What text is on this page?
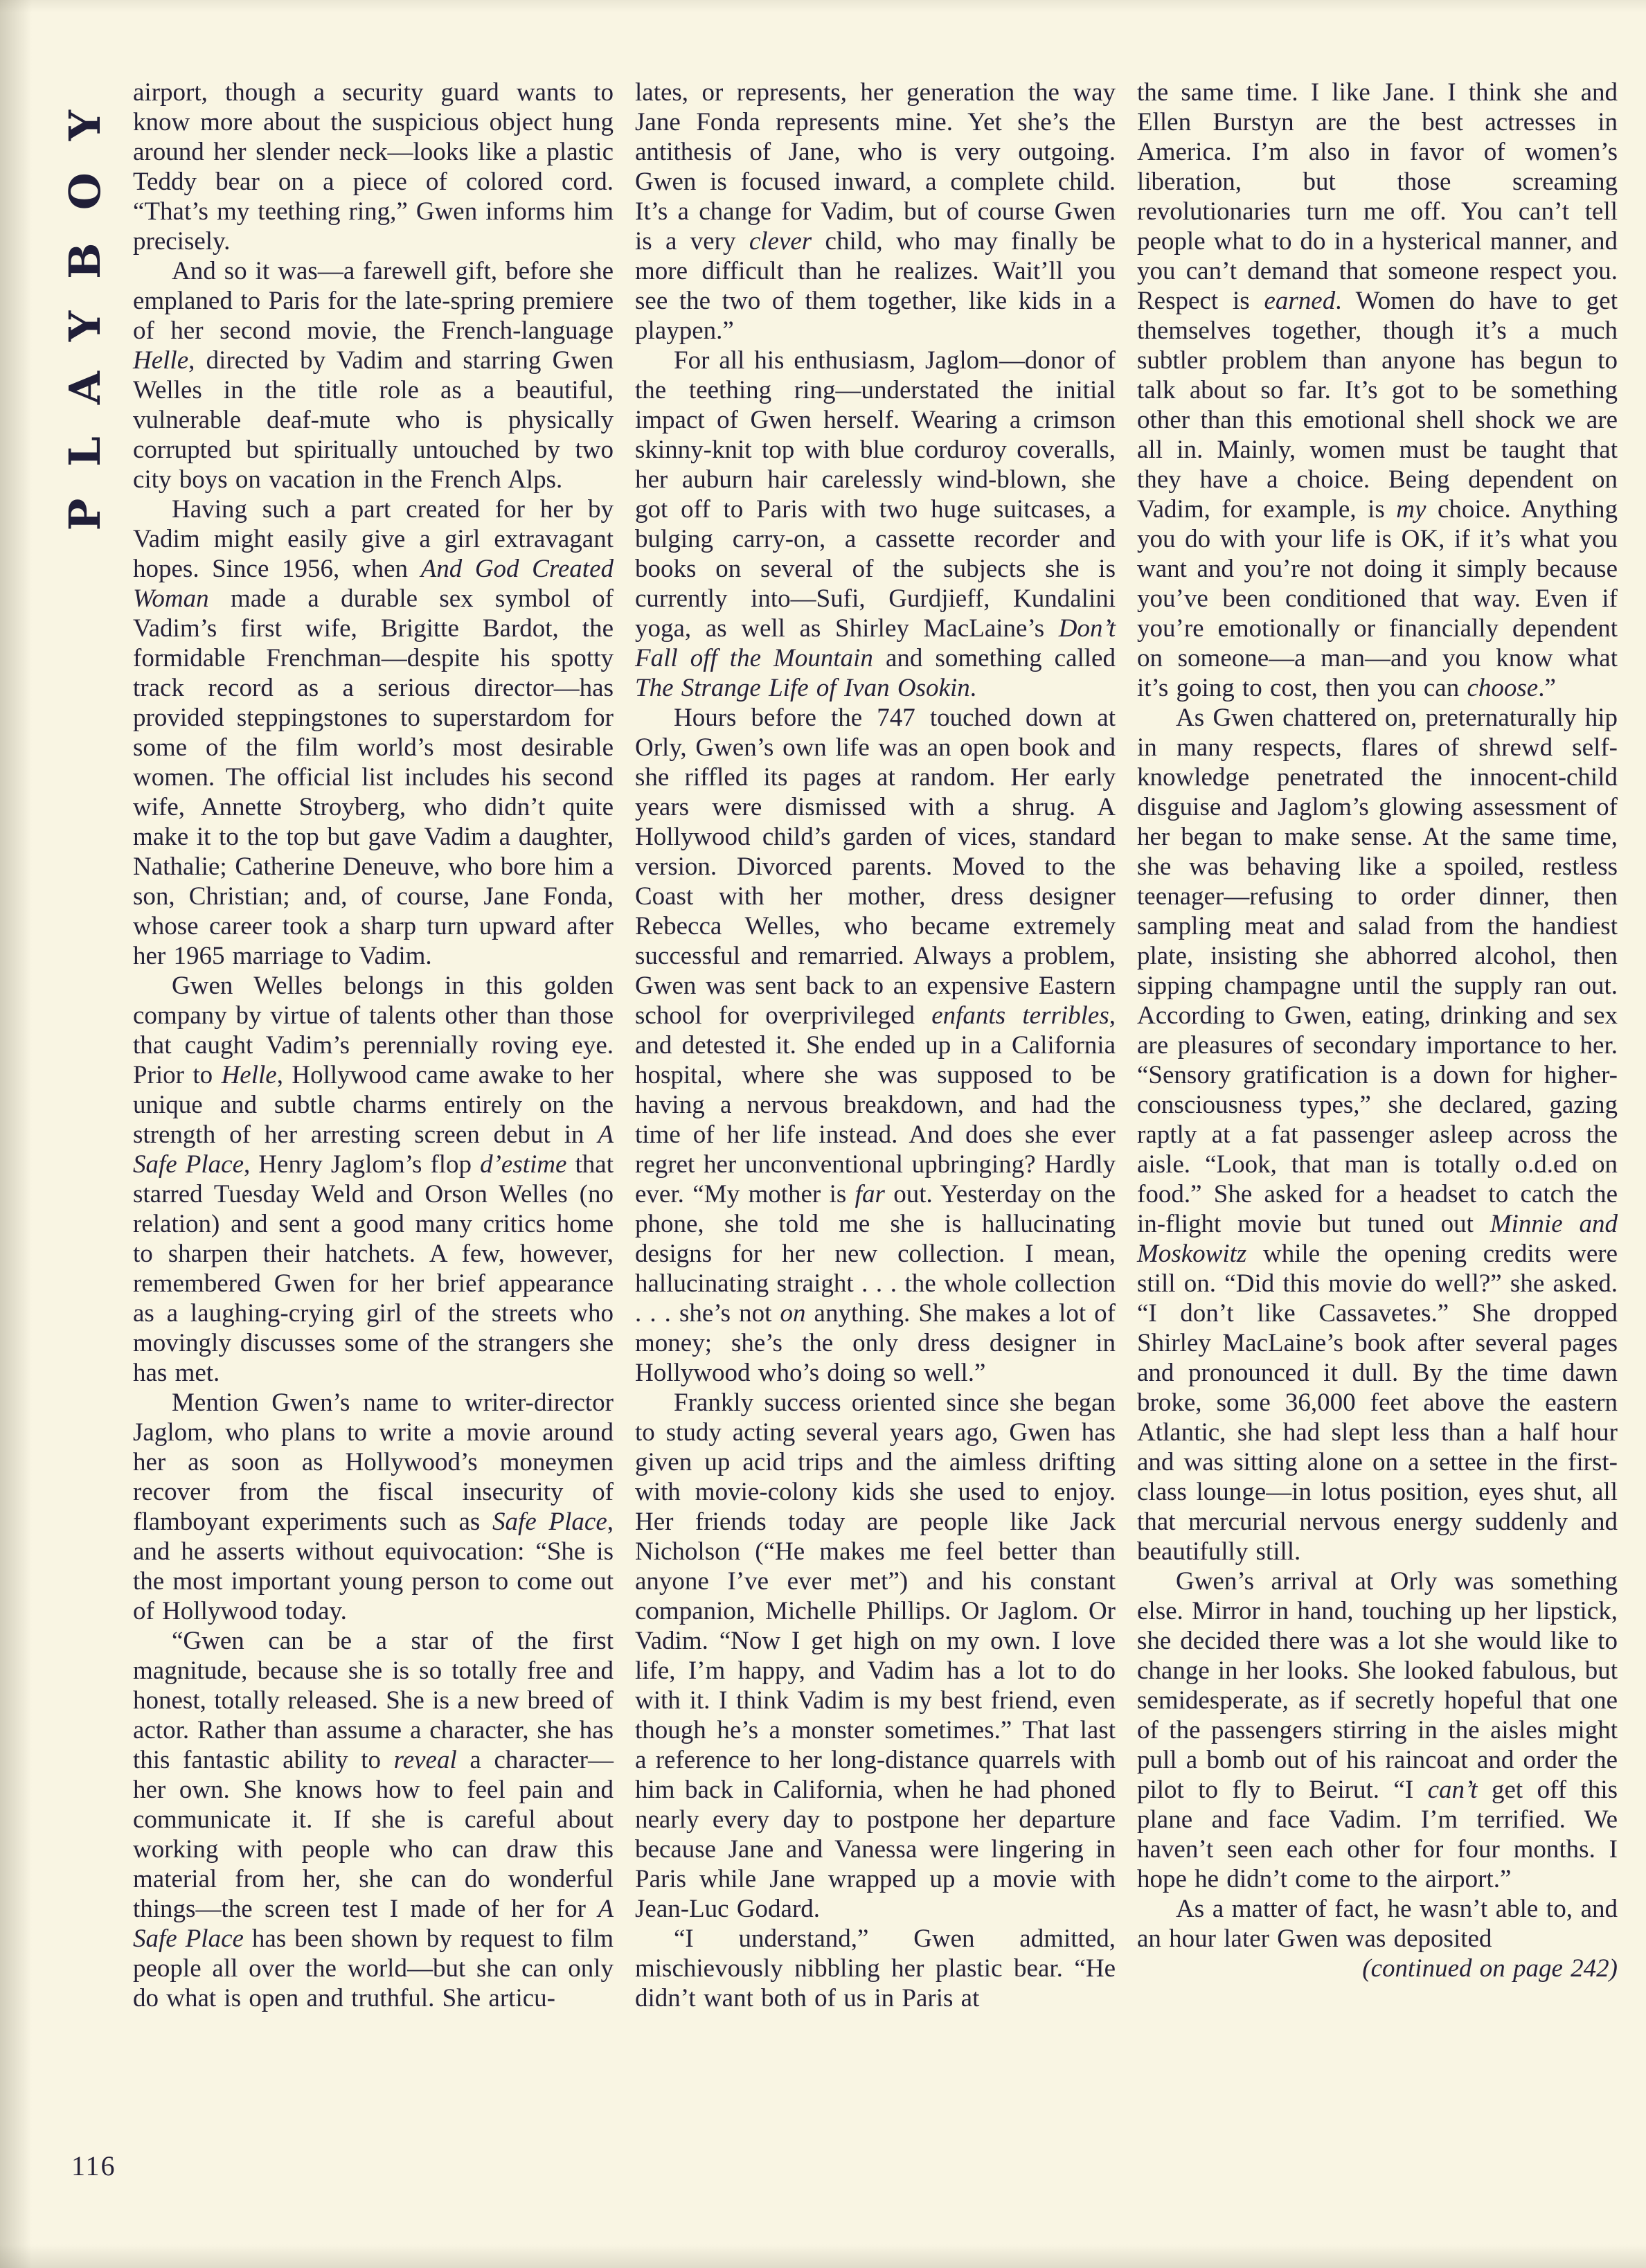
PLAYBOY airport, though a security guard wants to know more about the suspicious object hung around her slender neck—looks like a plastic Teddy bear on a piece of colored cord. “That’s my teething ring,” Gwen informs him precisely.

And so it was—a farewell gift, before she emplaned to Paris for the late-spring premiere of her second movie, the French-language Helle, directed by Vadim and starring Gwen Welles in the title role as a beautiful, vulnerable deaf-mute who is physically corrupted but spiritually untouched by two city boys on vacation in the French Alps.

Having such a part created for her by Vadim might easily give a girl extravagant hopes. Since 1956, when And God Created Woman made a durable sex symbol of Vadim’s first wife, Brigitte Bardot, the formidable Frenchman—despite his spotty track record as a serious director—has provided steppingstones to superstardom for some of the film world’s most desirable women. The official list includes his second wife, Annette Stroyberg, who didn’t quite make it to the top but gave Vadim a daughter, Nathalie; Catherine Deneuve, who bore him a son, Christian; and, of course, Jane Fonda, whose career took a sharp turn upward after her 1965 marriage to Vadim.

Gwen Welles belongs in this golden company by virtue of talents other than those that caught Vadim’s perennially roving eye. Prior to Helle, Hollywood came awake to her unique and subtle charms entirely on the strength of her arresting screen debut in A Safe Place, Henry Jaglom’s flop d’estime that starred Tuesday Weld and Orson Welles (no relation) and sent a good many critics home to sharpen their hatchets. A few, however, remembered Gwen for her brief appearance as a laughing-crying girl of the streets who movingly discusses some of the strangers she has met.

Mention Gwen’s name to writer-director Jaglom, who plans to write a movie around her as soon as Hollywood’s moneymen recover from the fiscal insecurity of flamboyant experiments such as Safe Place, and he asserts without equivocation: “She is the most important young person to come out of Hollywood today.

“Gwen can be a star of the first magnitude, because she is so totally free and honest, totally released. She is a new breed of actor. Rather than assume a character, she has this fantastic ability to reveal a character—her own. She knows how to feel pain and communicate it. If she is careful about working with people who can draw this material from her, she can do wonderful things—the screen test I made of her for A Safe Place has been shown by request to film people all over the world—but she can only do what is open and truthful. She articu-

lates, or represents, her generation the way Jane Fonda represents mine. Yet she’s the antithesis of Jane, who is very outgoing. Gwen is focused inward, a complete child. It’s a change for Vadim, but of course Gwen is a very clever child, who may finally be more difficult than he realizes. Wait’ll you see the two of them together, like kids in a playpen.”

For all his enthusiasm, Jaglom—donor of the teething ring—understated the initial impact of Gwen herself. Wearing a crimson skinny-knit top with blue corduroy coveralls, her auburn hair carelessly wind-blown, she got off to Paris with two huge suitcases, a bulging carry-on, a cassette recorder and books on several of the subjects she is currently into—Sufi, Gurdjieff, Kundalini yoga, as well as Shirley MacLaine’s Don’t Fall off the Mountain and something called The Strange Life of Ivan Osokin.

Hours before the 747 touched down at Orly, Gwen’s own life was an open book and she riffled its pages at random. Her early years were dismissed with a shrug. A Hollywood child’s garden of vices, standard version. Divorced parents. Moved to the Coast with her mother, dress designer Rebecca Welles, who became extremely successful and remarried. Always a problem, Gwen was sent back to an expensive Eastern school for overprivileged enfants terribles, and detested it. She ended up in a California hospital, where she was supposed to be having a nervous breakdown, and had the time of her life instead. And does she ever regret her unconventional upbringing? Hardly ever. “My mother is far out. Yesterday on the phone, she told me she is hallucinating designs for her new collection. I mean, hallucinating straight . . . the whole collection . . . she’s not on anything. She makes a lot of money; she’s the only dress designer in Hollywood who’s doing so well.”

Frankly success oriented since she began to study acting several years ago, Gwen has given up acid trips and the aimless drifting with movie-colony kids she used to enjoy. Her friends today are people like Jack Nicholson (“He makes me feel better than anyone I’ve ever met”) and his constant companion, Michelle Phillips. Or Jaglom. Or Vadim. “Now I get high on my own. I love life, I’m happy, and Vadim has a lot to do with it. I think Vadim is my best friend, even though he’s a monster sometimes.” That last a reference to her long-distance quarrels with him back in California, when he had phoned nearly every day to postpone her departure because Jane and Vanessa were lingering in Paris while Jane wrapped up a movie with Jean-Luc Godard.

“I understand,” Gwen admitted, mischievously nibbling her plastic bear. “He didn’t want both of us in Paris at

the same time. I like Jane. I think she and Ellen Burstyn are the best actresses in America. I’m also in favor of women’s liberation, but those screaming revolutionaries turn me off. You can’t tell people what to do in a hysterical manner, and you can’t demand that someone respect you. Respect is earned. Women do have to get themselves together, though it’s a much subtler problem than anyone has begun to talk about so far. It’s got to be something other than this emotional shell shock we are all in. Mainly, women must be taught that they have a choice. Being dependent on Vadim, for example, is my choice. Anything you do with your life is OK, if it’s what you want and you’re not doing it simply because you’ve been conditioned that way. Even if you’re emotionally or financially dependent on someone—a man—and you know what it’s going to cost, then you can choose.”

As Gwen chattered on, preternaturally hip in many respects, flares of shrewd self-knowledge penetrated the innocent-child disguise and Jaglom’s glowing assessment of her began to make sense. At the same time, she was behaving like a spoiled, restless teenager—refusing to order dinner, then sampling meat and salad from the handiest plate, insisting she abhorred alcohol, then sipping champagne until the supply ran out. According to Gwen, eating, drinking and sex are pleasures of secondary importance to her. “Sensory gratification is a down for higher-consciousness types,” she declared, gazing raptly at a fat passenger asleep across the aisle. “Look, that man is totally o.d.ed on food.” She asked for a headset to catch the in-flight movie but tuned out Minnie and Moskowitz while the opening credits were still on. “Did this movie do well?” she asked. “I don’t like Cassavetes.” She dropped Shirley MacLaine’s book after several pages and pronounced it dull. By the time dawn broke, some 36,000 feet above the eastern Atlantic, she had slept less than a half hour and was sitting alone on a settee in the first-class lounge—in lotus position, eyes shut, all that mercurial nervous energy suddenly and beautifully still.

Gwen’s arrival at Orly was something else. Mirror in hand, touching up her lipstick, she decided there was a lot she would like to change in her looks. She looked fabulous, but semidesperate, as if secretly hopeful that one of the passengers stirring in the aisles might pull a bomb out of his raincoat and order the pilot to fly to Beirut. “I can’t get off this plane and face Vadim. I’m terrified. We haven’t seen each other for four months. I hope he didn’t come to the airport.”

As a matter of fact, he wasn’t able to, and an hour later Gwen was deposited

(continued on page 242)

116
